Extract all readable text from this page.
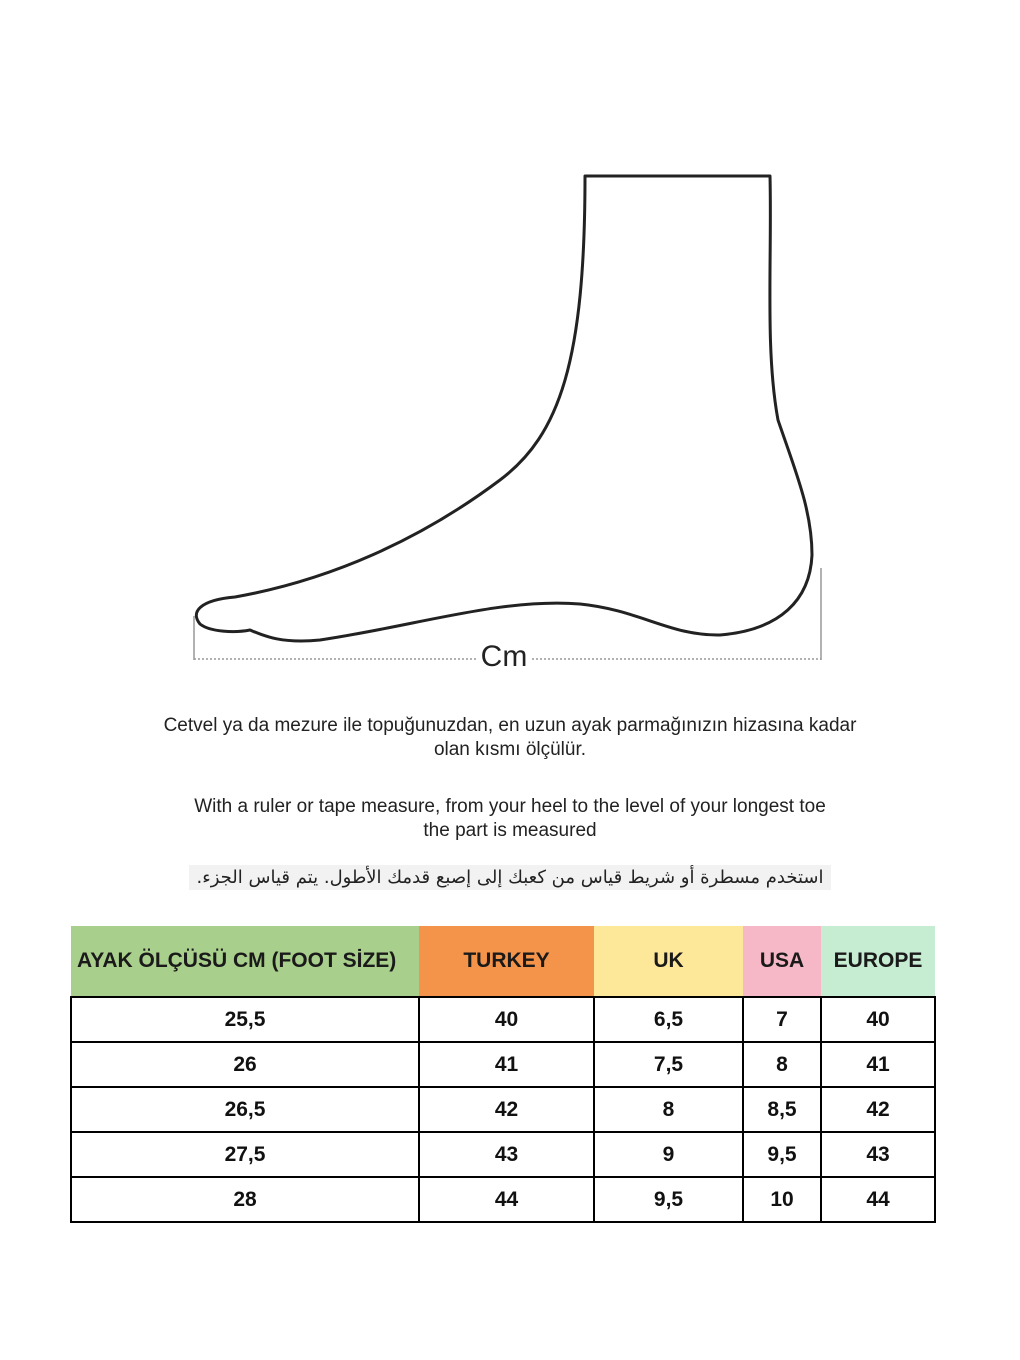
Cm
Cetvel ya da mezure ile topuğunuzdan, en uzun ayak parmağınızın hizasına kadar
olan kısmı ölçülür.
With a ruler or tape measure, from your heel to the level of your longest toe
the part is measured
استخدم مسطرة أو شريط قياس من كعبك إلى إصبع قدمك الأطول. يتم قياس الجزء.
AYAK ÖLÇÜSÜ CM (FOOT SİZE)	TURKEY	UK	USA	EUROPE
25,5	40	6,5	7	40
26	41	7,5	8	41
26,5	42	8	8,5	42
27,5	43	9	9,5	43
28	44	9,5	10	44
